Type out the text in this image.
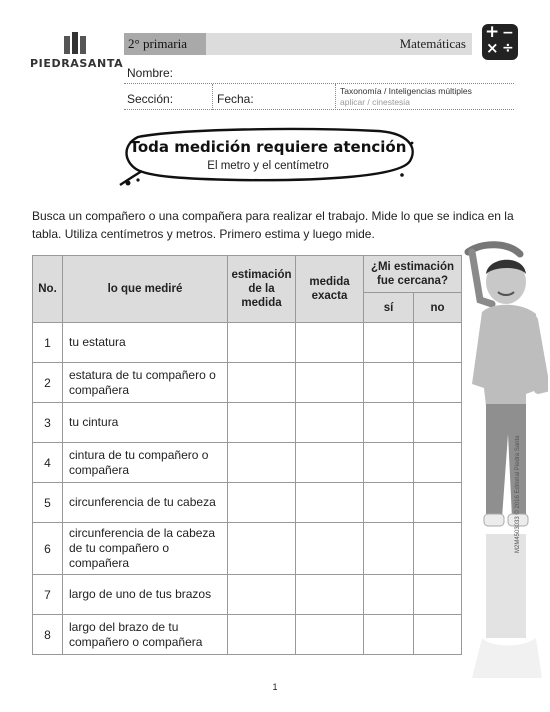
PIEDRASANTA
2° primaria	Matemáticas
+ −
× ÷
Nombre:
Sección:	Fecha:
Taxonomía / Inteligencias múltiples
aplicar / cinestesia
Toda medición requiere atención
El metro y el centímetro
Busca un compañero o una compañera para realizar el trabajo. Mide lo que se indica en la tabla. Utiliza centímetros y metros. Primero estima y luego mide.
No.	lo que mediré	estimación de la medida	medida exacta	¿Mi estimación fue cercana?	
				sí	no
1	tu estatura				
2	estatura de tu compañero o compañera				
3	tu cintura				
4	cintura de tu compañero o compañera				
5	circunferencia de tu cabeza				
6	circunferencia de la cabeza de tu compañero o compañera				
7	largo de uno de tus brazos				
8	largo del brazo de tu compañero o compañera				
M2M4503033 © 2016 Editorial Piedra Santa
1
